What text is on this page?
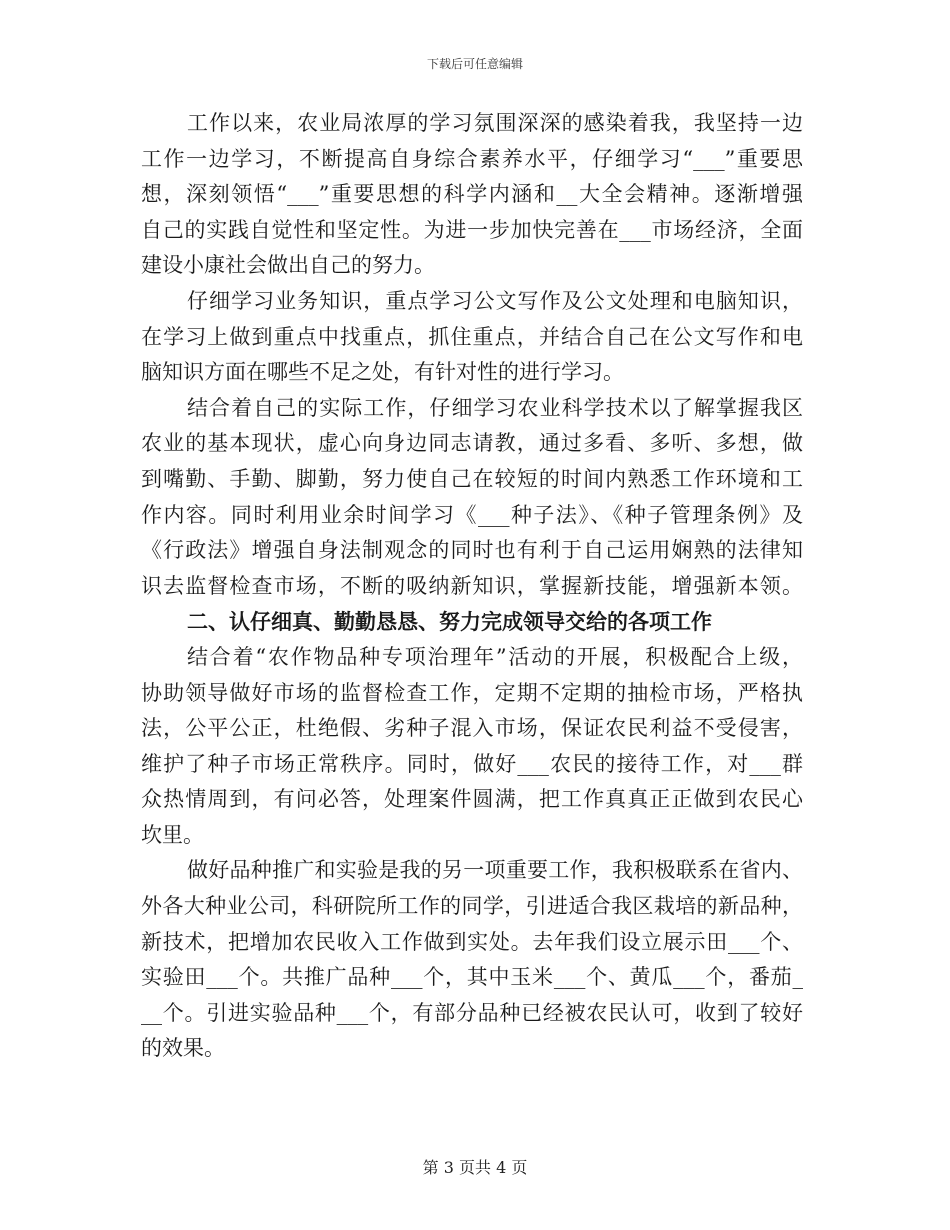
下载后可任意编辑
工作以来，农业局浓厚的学习氛围深深的感染着我，我坚持一边
工作一边学习，不断提高自身综合素养水平，仔细学习“___”重要思
想，深刻领悟“___”重要思想的科学内涵和__大全会精神。逐渐增强
自己的实践自觉性和坚定性。为进一步加快完善在___市场经济，全面
建设小康社会做出自己的努力。
仔细学习业务知识，重点学习公文写作及公文处理和电脑知识，
在学习上做到重点中找重点，抓住重点，并结合自己在公文写作和电
脑知识方面在哪些不足之处，有针对性的进行学习。
结合着自己的实际工作，仔细学习农业科学技术以了解掌握我区
农业的基本现状，虚心向身边同志请教，通过多看、多听、多想，做
到嘴勤、手勤、脚勤，努力使自己在较短的时间内熟悉工作环境和工
作内容。同时利用业余时间学习《___种子法》、《种子管理条例》及
《行政法》增强自身法制观念的同时也有利于自己运用娴熟的法律知
识去监督检查市场，不断的吸纳新知识，掌握新技能，增强新本领。
二、认仔细真、勤勤恳恳、努力完成领导交给的各项工作
结合着“农作物品种专项治理年”活动的开展，积极配合上级，
协助领导做好市场的监督检查工作，定期不定期的抽检市场，严格执
法，公平公正，杜绝假、劣种子混入市场，保证农民利益不受侵害，
维护了种子市场正常秩序。同时，做好___农民的接待工作，对___群
众热情周到，有问必答，处理案件圆满，把工作真真正正做到农民心
坎里。
做好品种推广和实验是我的另一项重要工作，我积极联系在省内、
外各大种业公司，科研院所工作的同学，引进适合我区栽培的新品种，
新技术，把增加农民收入工作做到实处。去年我们设立展示田___个、
实验田___个。共推广品种___个，其中玉米___个、黄瓜___个，番茄_
__个。引进实验品种___个，有部分品种已经被农民认可，收到了较好
的效果。
第 3 页共 4 页
